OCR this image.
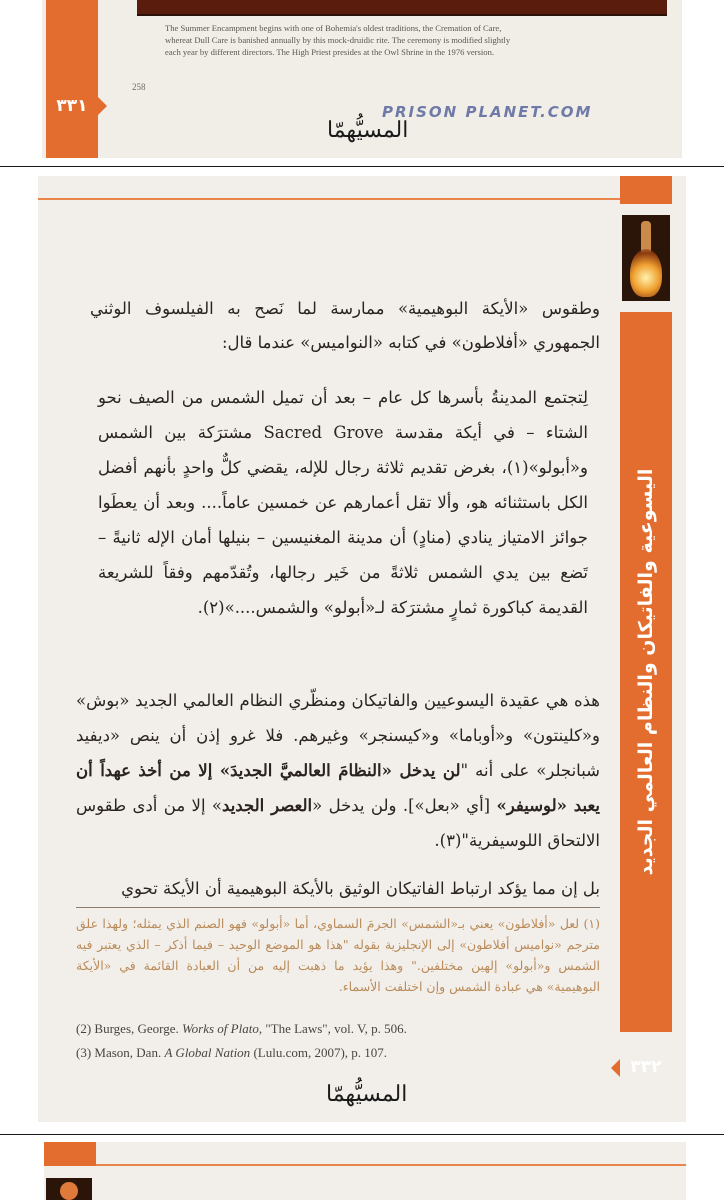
٣٣١
The Summer Encampment begins with one of Bohemia's oldest traditions, the Cremation of Care,
whereat Dull Care is banished annually by this mock-druidic rite. The ceremony is modified slightly
each year by different directors. The High Priest presides at the Owl Shrine in the 1976 version.
258
PRISON PLANET.COM
المسيُّهمّا
اليسوعية والفاتيكان والنظام العالمي الجديد
وطقوس «الأيكة البوهيمية» ممارسة لما نَصح به الفيلسوف الوثني الجمهوري «أفلاطون» في كتابه «النواميس» عندما قال:
لِتجتمع المدينةُ بأسرها كل عام – بعد أن تميل الشمس من الصيف نحو الشتاء – في أيكة مقدسة Sacred Grove مشترَكة بين الشمس و«أبولو»(١)، بغرض تقديم ثلاثة رجال للإله، يقضي كلٌّ واحدٍ بأنهم أفضل الكل باستثنائه هو، وألا تقل أعمارهم عن خمسين عاماً.... وبعد أن يعطَوا جوائز الامتياز ينادي (منادٍ) أن مدينة المغنيسين – بنيلها أمان الإله ثانيةً – تَضع بين يدي الشمس ثلاثةً من خَير رجالها، وتُقدّمهم وفقاً للشريعة القديمة كباكورة ثمارٍ مشترَكة لـ«أبولو» والشمس....»(٢).
هذه هي عقيدة اليسوعيين والفاتيكان ومنظّري النظام العالمي الجديد «بوش» و«كلينتون» و«أوباما» و«كيسنجر» وغيرهم. فلا غرو إذن أن ينص «ديفيد شبانجلر» على أنه "لن يدخل «النظامَ العالميَّ الجديدَ» إلا من أخذ عهداً أن يعبد «لوسيفر» [أي «بعل»]. ولن يدخل «العصر الجديد» إلا من أدى طقوس الالتحاق اللوسيفرية"(٣).
بل إن مما يؤكد ارتباط الفاتيكان الوثيق بالأيكة البوهيمية أن الأيكة تحوي
(١) لعل «أفلاطون» يعني بـ«الشمس» الجرمَ السماوي، أما «أبولو» فهو الصنم الذي يمثله؛ ولهذا علق مترجم «نواميس أفلاطون» إلى الإنجليزية بقوله "هذا هو الموضع الوحيد – فيما أذكر – الذي يعتبر فيه الشمس و«أبولو» إلهين مختلفين." وهذا يؤيد ما ذهبت إليه من أن العبادة القائمة في «الأيكة البوهيمية» هي عبادة الشمس وإن اختلفت الأسماء.
(2) Burges, George. Works of Plato, "The Laws", vol. V, p. 506.
(3) Mason, Dan. A Global Nation (Lulu.com, 2007), p. 107.
٣٣٢
المسيُّهمّا
